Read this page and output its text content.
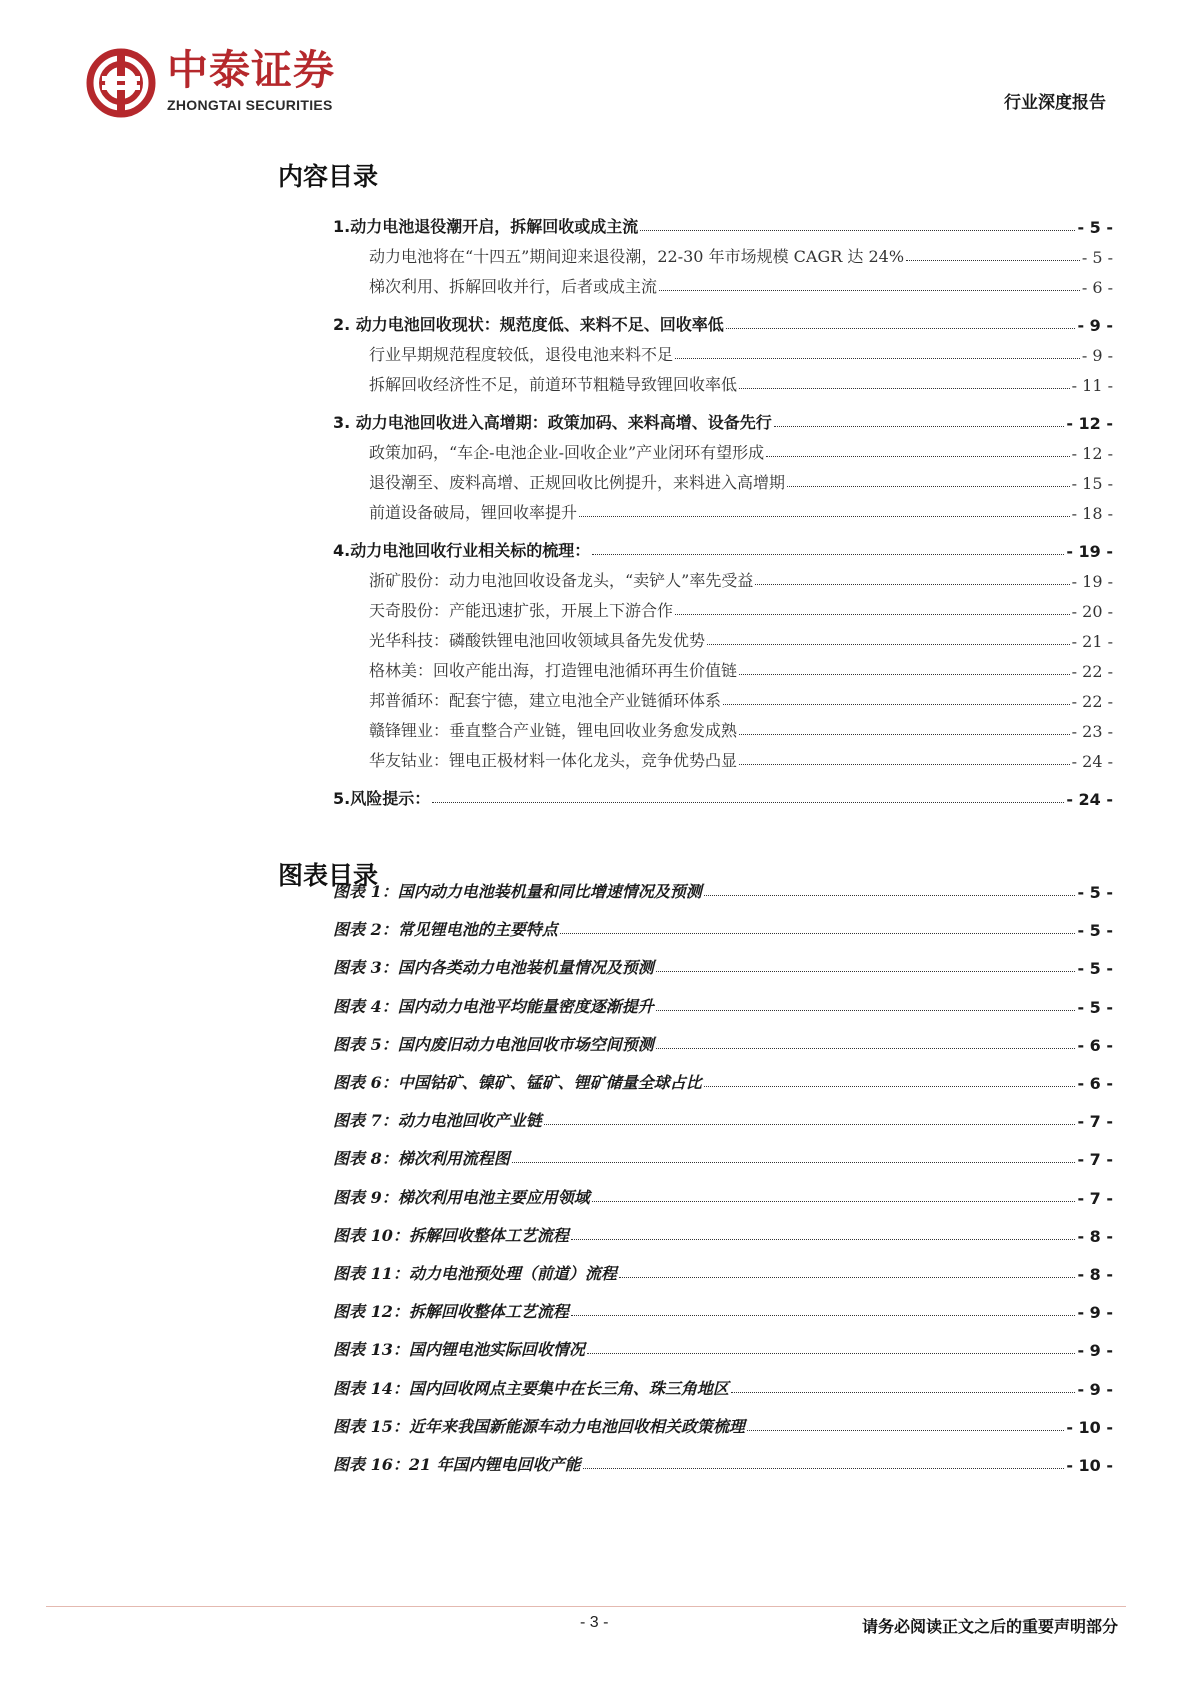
中泰证券
ZHONGTAI SECURITIES	行业深度报告
内容目录
1.动力电池退役潮开启，拆解回收或成主流	- 5 -
动力电池将在“十四五”期间迎来退役潮，22-30 年市场规模 CAGR 达 24%	- 5 -
梯次利用、拆解回收并行，后者或成主流	- 6 -
2. 动力电池回收现状：规范度低、来料不足、回收率低	- 9 -
行业早期规范程度较低，退役电池来料不足	- 9 -
拆解回收经济性不足，前道环节粗糙导致锂回收率低	- 11 -
3. 动力电池回收进入高增期：政策加码、来料高增、设备先行	- 12 -
政策加码，“车企-电池企业-回收企业”产业闭环有望形成	- 12 -
退役潮至、废料高增、正规回收比例提升，来料进入高增期	- 15 -
前道设备破局，锂回收率提升	- 18 -
4.动力电池回收行业相关标的梳理：	- 19 -
浙矿股份：动力电池回收设备龙头，“卖铲人”率先受益	- 19 -
天奇股份：产能迅速扩张，开展上下游合作	- 20 -
光华科技：磷酸铁锂电池回收领域具备先发优势	- 21 -
格林美：回收产能出海，打造锂电池循环再生价值链	- 22 -
邦普循环：配套宁德，建立电池全产业链循环体系	- 22 -
赣锋锂业：垂直整合产业链，锂电回收业务愈发成熟	- 23 -
华友钴业：锂电正极材料一体化龙头，竞争优势凸显	- 24 -
5.风险提示：	- 24 -
图表目录
图表 1：国内动力电池装机量和同比增速情况及预测	- 5 -
图表 2：常见锂电池的主要特点	- 5 -
图表 3：国内各类动力电池装机量情况及预测	- 5 -
图表 4：国内动力电池平均能量密度逐渐提升	- 5 -
图表 5：国内废旧动力电池回收市场空间预测	- 6 -
图表 6：中国钴矿、镍矿、锰矿、锂矿储量全球占比	- 6 -
图表 7：动力电池回收产业链	- 7 -
图表 8：梯次利用流程图	- 7 -
图表 9：梯次利用电池主要应用领域	- 7 -
图表 10：拆解回收整体工艺流程	- 8 -
图表 11：动力电池预处理（前道）流程	- 8 -
图表 12：拆解回收整体工艺流程	- 9 -
图表 13：国内锂电池实际回收情况	- 9 -
图表 14：国内回收网点主要集中在长三角、珠三角地区	- 9 -
图表 15：近年来我国新能源车动力电池回收相关政策梳理	- 10 -
图表 16：21 年国内锂电回收产能	- 10 -
- 3 -	请务必阅读正文之后的重要声明部分
